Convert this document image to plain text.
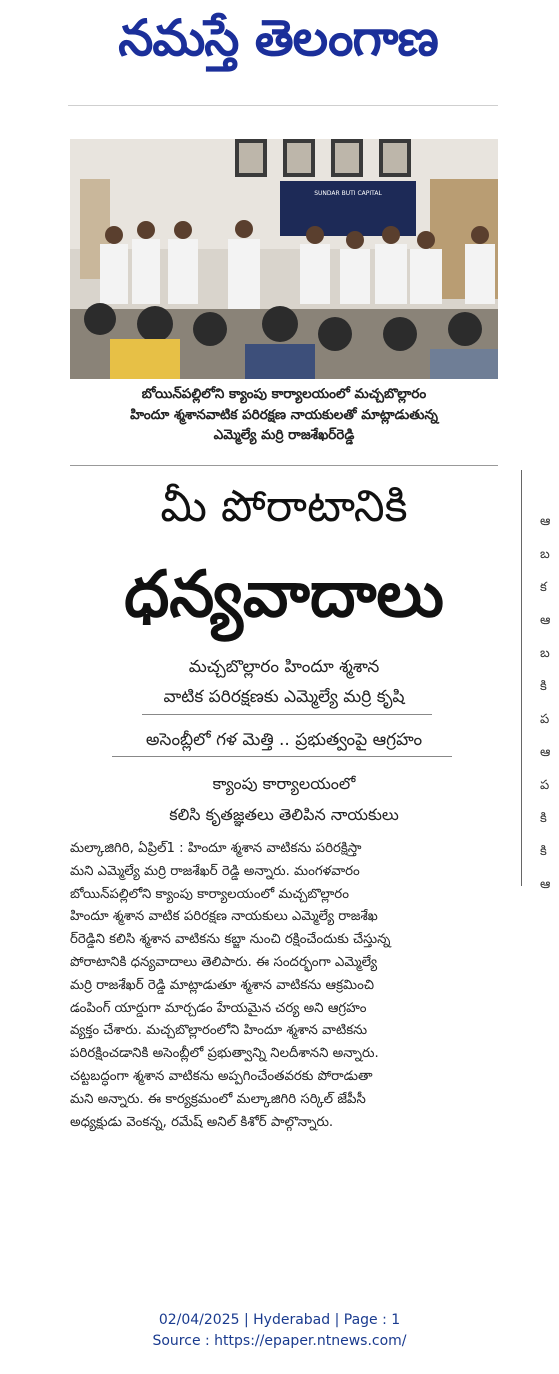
నమస్తే తెలంగాణ
SUNDAR BUTI CAPITAL
బోయిన్‌పల్లిలోని క్యాంపు కార్యాలయంలో మచ్చబొల్లారం
హిందూ శ్మశానవాటిక పరిరక్షణ నాయకులతో మాట్లాడుతున్న
ఎమ్మెల్యే మర్రి రాజశేఖర్‌రెడ్డి
మీ పోరాటానికి
ధన్యవాదాలు
మచ్చబొల్లారం హిందూ శ్మశాన
వాటిక పరిరక్షణకు ఎమ్మెల్యే మర్రి కృషి
అసెంబ్లీలో గళ మెత్తి .. ప్రభుత్వంపై ఆగ్రహం
క్యాంపు కార్యాలయంలో
కలిసి కృతజ్ఞతలు తెలిపిన నాయకులు
మల్కాజిగిరి, ఏప్రిల్1 : హిందూ శ్మశాన వాటికను పరిరక్షిస్తా
మని ఎమ్మెల్యే మర్రి రాజశేఖర్ రెడ్డి అన్నారు. మంగళవారం
బోయిన్‌పల్లిలోని క్యాంపు కార్యాలయంలో మచ్చబొల్లారం
హిందూ శ్మశాన వాటిక పరిరక్షణ నాయకులు ఎమ్మెల్యే రాజశేఖ
ర్‌రెడ్డిని కలిసి శ్మశాన వాటికను కబ్జా నుంచి రక్షించేందుకు చేస్తున్న
పోరాటానికి ధన్యవాదాలు తెలిపారు. ఈ సందర్భంగా ఎమ్మెల్యే
మర్రి రాజశేఖర్ రెడ్డి మాట్లాడుతూ శ్మశాన వాటికను ఆక్రమించి
డంపింగ్ యార్డుగా మార్చడం హేయమైన చర్య అని ఆగ్రహం
వ్యక్తం చేశారు. మచ్చబొల్లారంలోని హిందూ శ్మశాన వాటికను
పరిరక్షించడానికి అసెంబ్లీలో ప్రభుత్వాన్ని నిలదీశానని అన్నారు.
చట్టబద్ధంగా శ్మశాన వాటికను అప్పగించేంతవరకు పోరాడుతా
మని అన్నారు. ఈ కార్యక్రమంలో మల్కాజిగిరి సర్కిల్ జేపీసీ
అధ్యక్షుడు వెంకన్న, రమేష్ అనిల్ కిశోర్ పాల్గొన్నారు.
ఆ
బ
క
ఆ
బ
కి
ప
ఆ
ప
కి
కి
ఆ
02/04/2025 | Hyderabad | Page : 1
Source : https://epaper.ntnews.com/
